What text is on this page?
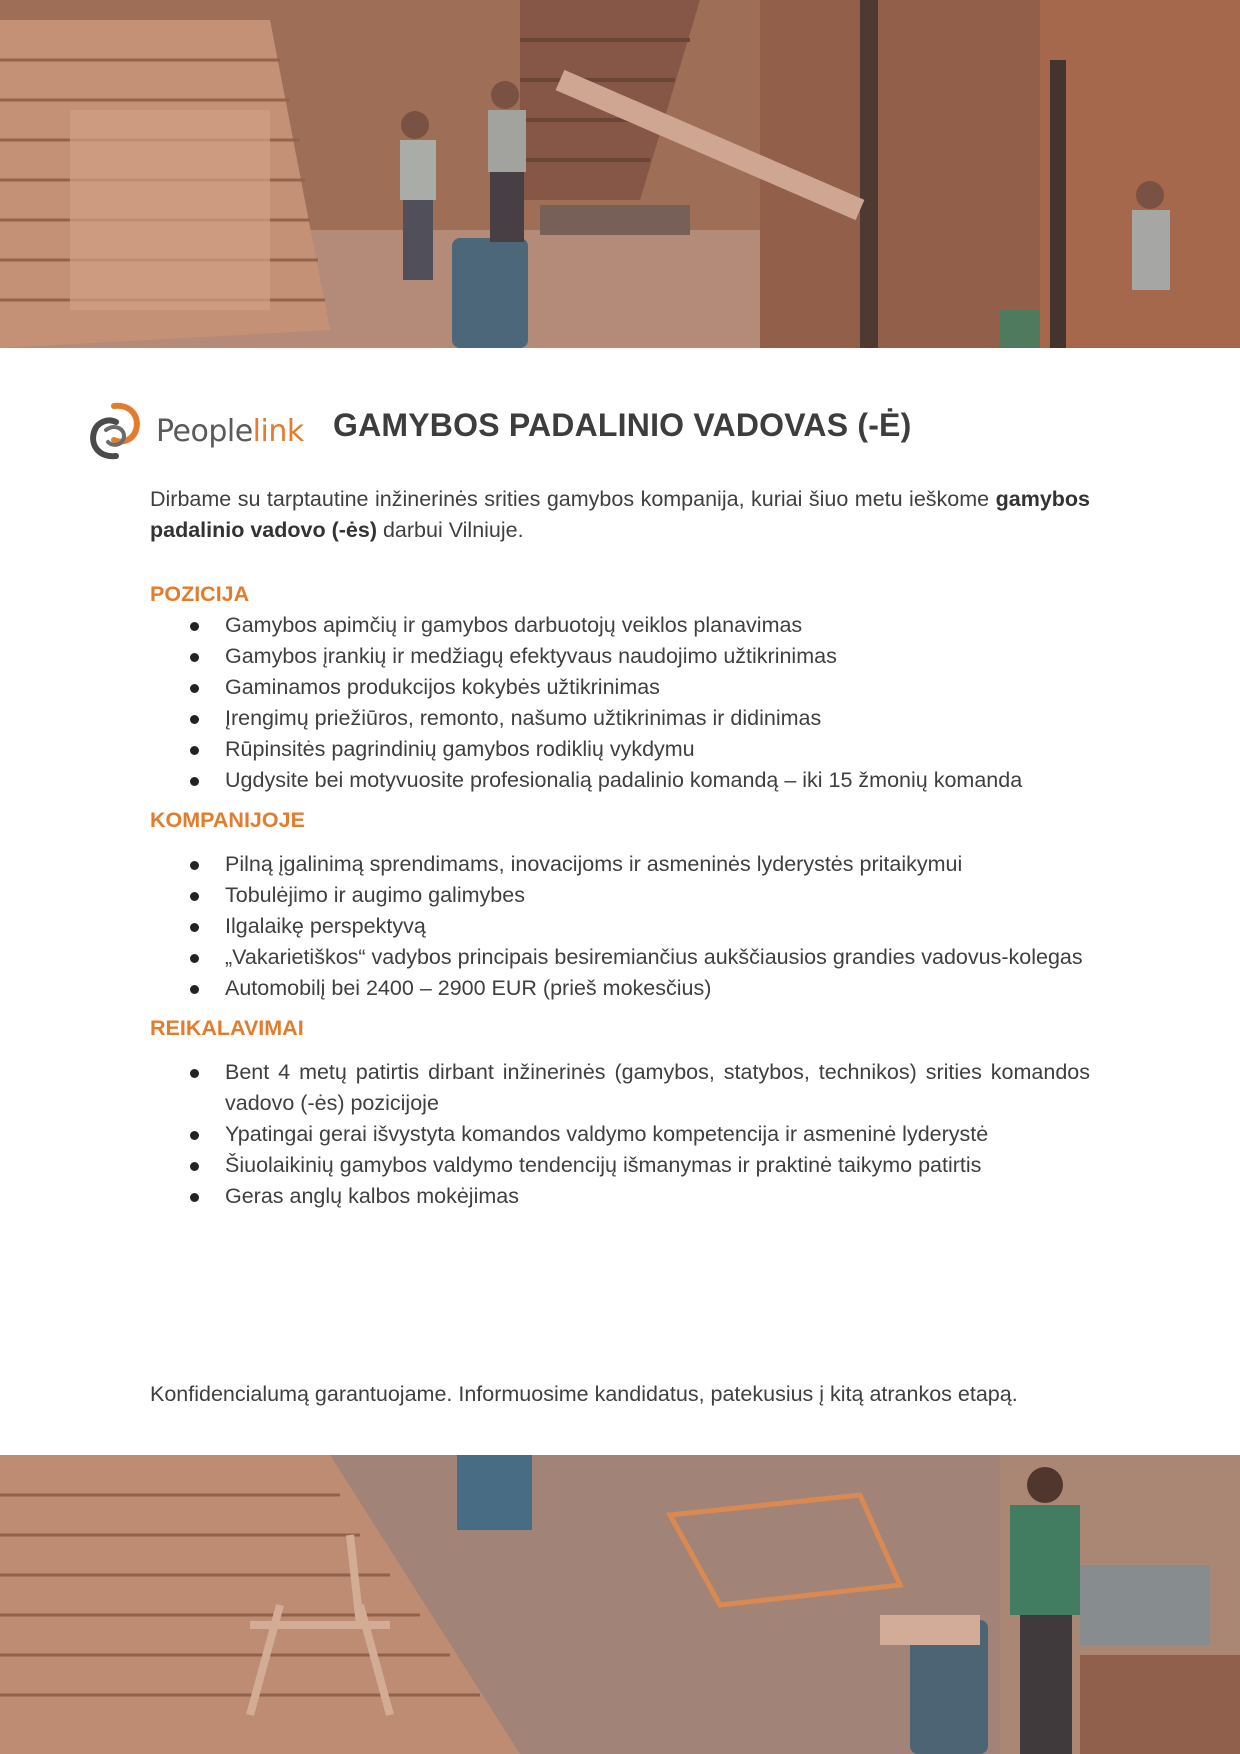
Peoplelink GAMYBOS PADALINIO VADOVAS (-Ė)

Dirbame su tarptautine inžinerinės srities gamybos kompanija, kuriai šiuo metu ieškome gamybos padalinio vadovo (-ės) darbui Vilniuje.

POZICIJA
Gamybos apimčių ir gamybos darbuotojų veiklos planavimas
Gamybos įrankių ir medžiagų efektyvaus naudojimo užtikrinimas
Gaminamos produkcijos kokybės užtikrinimas
Įrengimų priežiūros, remonto, našumo užtikrinimas ir didinimas
Rūpinsitės pagrindinių gamybos rodiklių vykdymu
Ugdysite bei motyvuosite profesionalią padalinio komandą – iki 15 žmonių komanda
KOMPANIJOJE
Pilną įgalinimą sprendimams, inovacijoms ir asmeninės lyderystės pritaikymui
Tobulėjimo ir augimo galimybes
Ilgalaikę perspektyvą
„Vakarietiškos“ vadybos principais besiremiančius aukščiausios grandies vadovus-kolegas
Automobilį bei 2400 – 2900 EUR (prieš mokesčius)
REIKALAVIMAI
Bent 4 metų patirtis dirbant inžinerinės (gamybos, statybos, technikos) srities komandos vadovo (-ės) pozicijoje
Ypatingai gerai išvystyta komandos valdymo kompetencija ir asmeninė lyderystė
Šiuolaikinių gamybos valdymo tendencijų išmanymas ir praktinė taikymo patirtis
Geras anglų kalbos mokėjimas

Konfidencialumą garantuojame. Informuosime kandidatus, patekusius į kitą atrankos etapą.
